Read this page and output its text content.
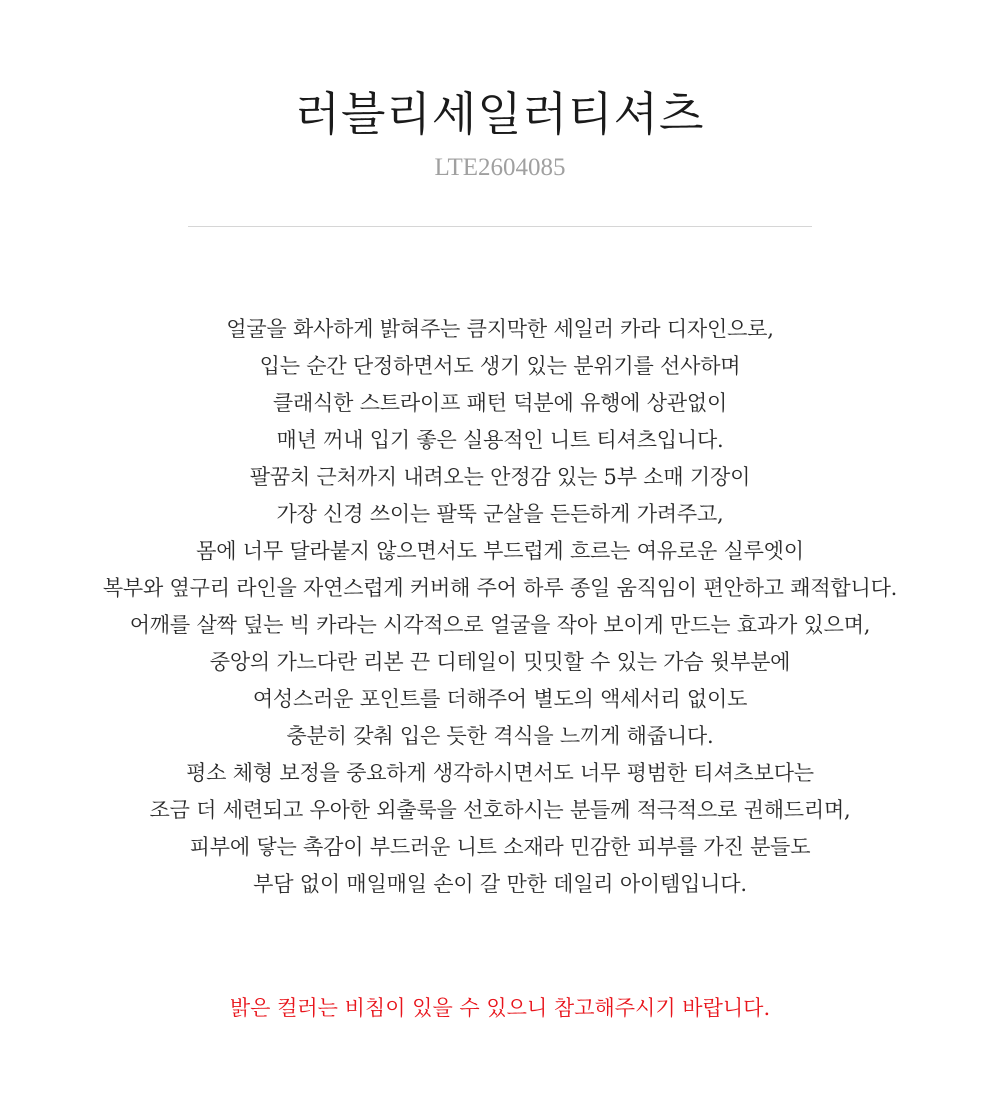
러블리세일러티셔츠
LTE2604085
얼굴을 화사하게 밝혀주는 큼지막한 세일러 카라 디자인으로,
입는 순간 단정하면서도 생기 있는 분위기를 선사하며
클래식한 스트라이프 패턴 덕분에 유행에 상관없이
매년 꺼내 입기 좋은 실용적인 니트 티셔츠입니다.
팔꿈치 근처까지 내려오는 안정감 있는 5부 소매 기장이
가장 신경 쓰이는 팔뚝 군살을 든든하게 가려주고,
몸에 너무 달라붙지 않으면서도 부드럽게 흐르는 여유로운 실루엣이
복부와 옆구리 라인을 자연스럽게 커버해 주어 하루 종일 움직임이 편안하고 쾌적합니다.
어깨를 살짝 덮는 빅 카라는 시각적으로 얼굴을 작아 보이게 만드는 효과가 있으며,
중앙의 가느다란 리본 끈 디테일이 밋밋할 수 있는 가슴 윗부분에
여성스러운 포인트를 더해주어 별도의 액세서리 없이도
충분히 갖춰 입은 듯한 격식을 느끼게 해줍니다.
평소 체형 보정을 중요하게 생각하시면서도 너무 평범한 티셔츠보다는
조금 더 세련되고 우아한 외출룩을 선호하시는 분들께 적극적으로 권해드리며,
피부에 닿는 촉감이 부드러운 니트 소재라 민감한 피부를 가진 분들도
부담 없이 매일매일 손이 갈 만한 데일리 아이템입니다.
밝은 컬러는 비침이 있을 수 있으니 참고해주시기 바랍니다.
